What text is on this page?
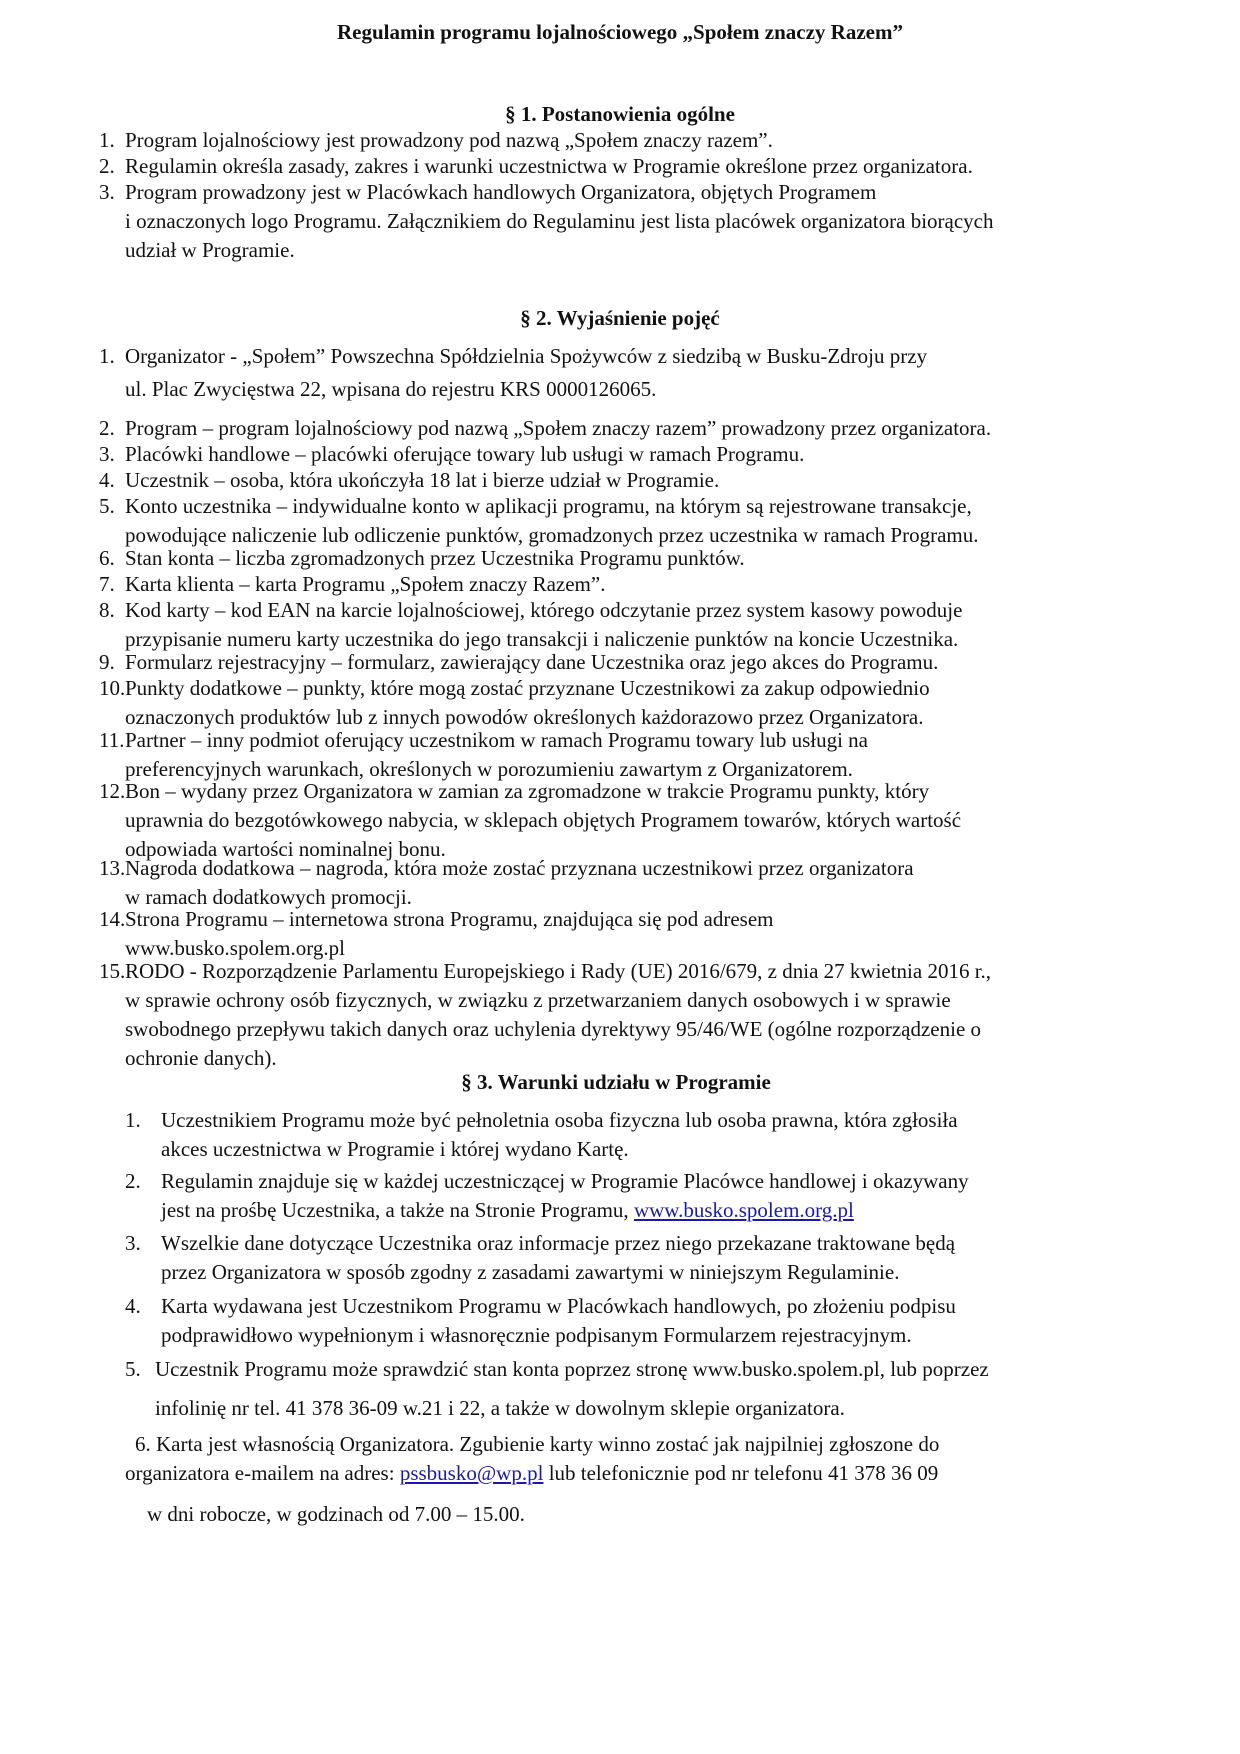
Regulamin programu lojalnościowego „Społem znaczy Razem”
§ 1. Postanowienia ogólne
1. Program lojalnościowy jest prowadzony pod nazwą „Społem znaczy razem”.
2. Regulamin określa zasady, zakres i warunki uczestnictwa w Programie określone przez organizatora.
3. Program prowadzony jest w Placówkach handlowych Organizatora, objętych Programem
i oznaczonych logo Programu. Załącznikiem do Regulaminu jest lista placówek organizatora biorących
udział w Programie.
§ 2. Wyjaśnienie pojęć
1. Organizator - „Społem” Powszechna Spółdzielnia Spożywców z siedzibą w Busku-Zdroju przy
ul. Plac Zwycięstwa 22, wpisana do rejestru KRS 0000126065.
2. Program – program lojalnościowy pod nazwą „Społem znaczy razem” prowadzony przez organizatora.
3. Placówki handlowe – placówki oferujące towary lub usługi w ramach Programu.
4. Uczestnik – osoba, która ukończyła 18 lat i bierze udział w Programie.
5. Konto uczestnika – indywidualne konto w aplikacji programu, na którym są rejestrowane transakcje,
powodujące naliczenie lub odliczenie punktów, gromadzonych przez uczestnika w ramach Programu.
6. Stan konta – liczba zgromadzonych przez Uczestnika Programu punktów.
7. Karta klienta – karta Programu „Społem znaczy Razem”.
8. Kod karty – kod EAN na karcie lojalnościowej, którego odczytanie przez system kasowy powoduje
przypisanie numeru karty uczestnika do jego transakcji i naliczenie punktów na koncie Uczestnika.
9. Formularz rejestracyjny – formularz, zawierający dane Uczestnika oraz jego akces do Programu.
10. Punkty dodatkowe – punkty, które mogą zostać przyznane Uczestnikowi za zakup odpowiednio
oznaczonych produktów lub z innych powodów określonych każdorazowo przez Organizatora.
11. Partner – inny podmiot oferujący uczestnikom w ramach Programu towary lub usługi na
preferencyjnych warunkach, określonych w porozumieniu zawartym z Organizatorem.
12. Bon – wydany przez Organizatora w zamian za zgromadzone w trakcie Programu punkty, który
uprawnia do bezgotówkowego nabycia, w sklepach objętych Programem towarów, których wartość
odpowiada wartości nominalnej bonu.
13. Nagroda dodatkowa – nagroda, która może zostać przyznana uczestnikowi przez organizatora
w ramach dodatkowych promocji.
14. Strona Programu – internetowa strona Programu, znajdująca się pod adresem
www.busko.spolem.org.pl
15. RODO - Rozporządzenie Parlamentu Europejskiego i Rady (UE) 2016/679, z dnia 27 kwietnia 2016 r.,
w sprawie ochrony osób fizycznych, w związku z przetwarzaniem danych osobowych i w sprawie
swobodnego przepływu takich danych oraz uchylenia dyrektywy 95/46/WE (ogólne rozporządzenie o
ochronie danych).
§ 3. Warunki udziału w Programie
1. Uczestnikiem Programu może być pełnoletnia osoba fizyczna lub osoba prawna, która zgłosiła
akces uczestnictwa w Programie i której wydano Kartę.
2. Regulamin znajduje się w każdej uczestniczącej w Programie Placówce handlowej i okazywany
jest na prośbę Uczestnika, a także na Stronie Programu, www.busko.spolem.org.pl
3. Wszelkie dane dotyczące Uczestnika oraz informacje przez niego przekazane traktowane będą
przez Organizatora w sposób zgodny z zasadami zawartymi w niniejszym Regulaminie.
4. Karta wydawana jest Uczestnikom Programu w Placówkach handlowych, po złożeniu podpisu
podprawidłowo wypełnionym i własnoręcznie podpisanym Formularzem rejestracyjnym.
5. Uczestnik Programu może sprawdzić stan konta poprzez stronę www.busko.spolem.pl, lub poprzez
infolinię nr tel. 41 378 36-09 w.21 i 22, a także w dowolnym sklepie organizatora.
6. Karta jest własnością Organizatora. Zgubienie karty winno zostać jak najpilniej zgłoszone do
organizatora e-mailem na adres: pssbusko@wp.pl lub telefonicznie pod nr telefonu 41 378 36 09
w dni robocze, w godzinach od 7.00 – 15.00.
